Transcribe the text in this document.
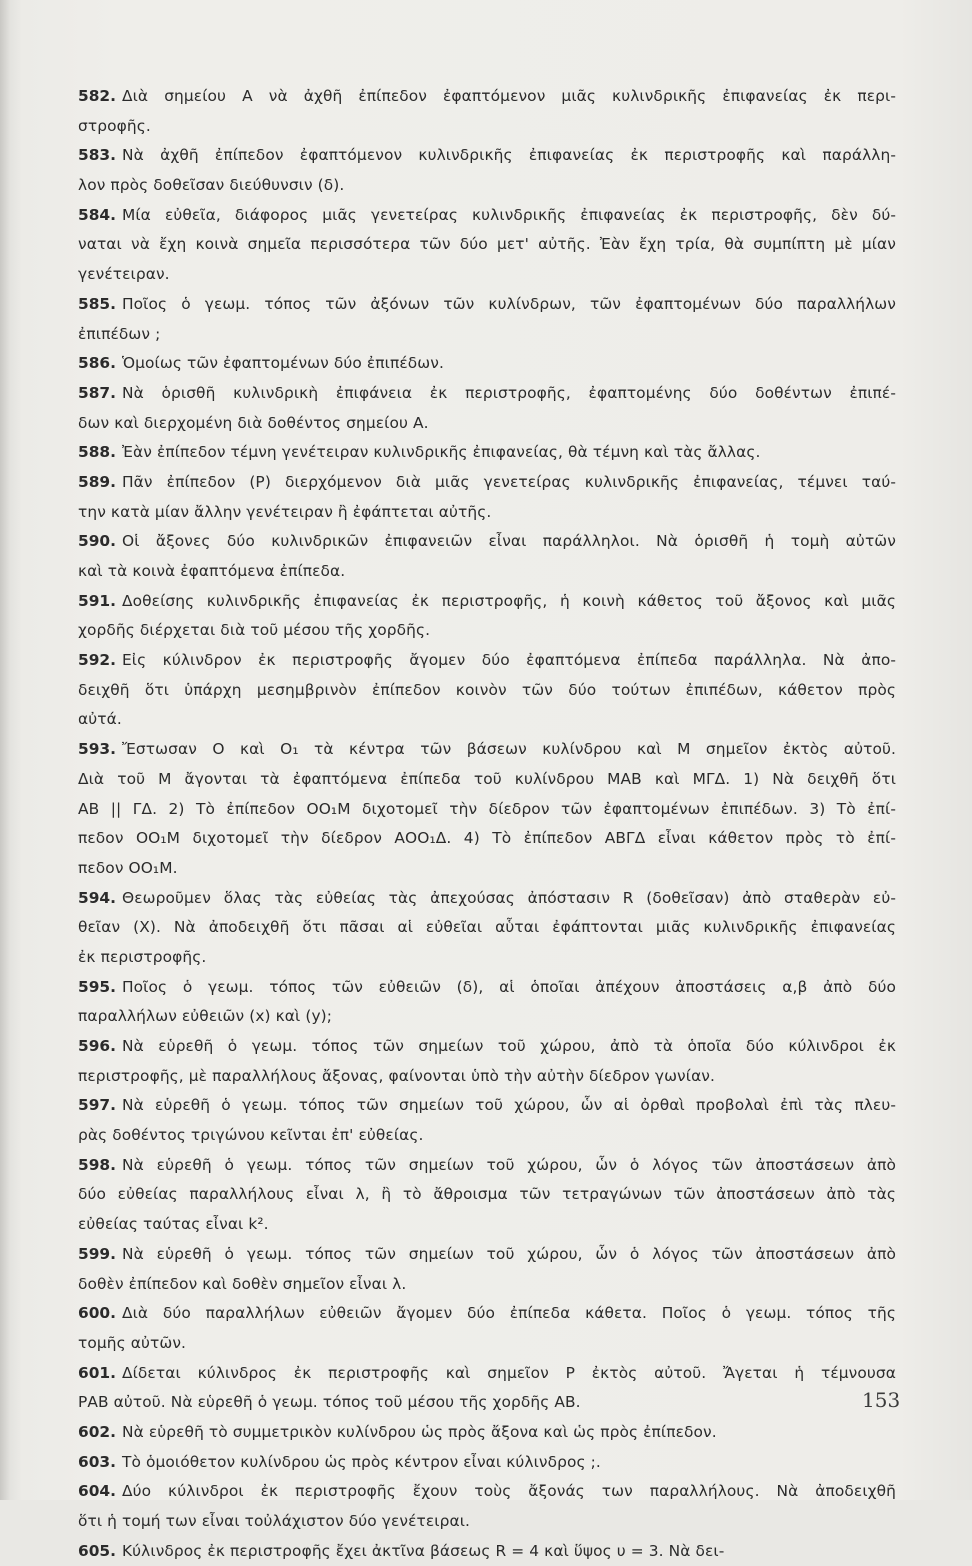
582. Διὰ σημείου Α νὰ ἀχθῆ ἐπίπεδον ἐφαπτόμενον μιᾶς κυλινδρικῆς ἐπιφανείας ἐκ περι-
στροφῆς.
583. Νὰ ἀχθῆ ἐπίπεδον ἐφαπτόμενον κυλινδρικῆς ἐπιφανείας ἐκ περιστροφῆς καὶ παράλλη-
λον πρὸς δοθεῖσαν διεύθυνσιν (δ).
584. Μία εὐθεῖα, διάφορος μιᾶς γενετείρας κυλινδρικῆς ἐπιφανείας ἐκ περιστροφῆς, δὲν δύ-
ναται νὰ ἔχη κοινὰ σημεῖα περισσότερα τῶν δύο μετ' αὐτῆς. Ἐὰν ἔχη τρία, θὰ συμπίπτη μὲ μίαν
γενέτειραν.
585. Ποῖος ὁ γεωμ. τόπος τῶν ἀξόνων τῶν κυλίνδρων, τῶν ἐφαπτομένων δύο παραλλήλων
ἐπιπέδων ;
586. Ὁμοίως τῶν ἐφαπτομένων δύο ἐπιπέδων.
587. Νὰ ὁρισθῆ κυλινδρικὴ ἐπιφάνεια ἐκ περιστροφῆς, ἐφαπτομένης δύο δοθέντων ἐπιπέ-
δων καὶ διερχομένη διὰ δοθέντος σημείου Α.
588. Ἐὰν ἐπίπεδον τέμνη γενέτειραν κυλινδρικῆς ἐπιφανείας, θὰ τέμνη καὶ τὰς ἄλλας.
589. Πᾶν ἐπίπεδον (Ρ) διερχόμενον διὰ μιᾶς γενετείρας κυλινδρικῆς ἐπιφανείας, τέμνει ταύ-
την κατὰ μίαν ἄλλην γενέτειραν ἢ ἐφάπτεται αὐτῆς.
590. Οἱ ἄξονες δύο κυλινδρικῶν ἐπιφανειῶν εἶναι παράλληλοι. Νὰ ὁρισθῆ ἡ τομὴ αὐτῶν
καὶ τὰ κοινὰ ἐφαπτόμενα ἐπίπεδα.
591. Δοθείσης κυλινδρικῆς ἐπιφανείας ἐκ περιστροφῆς, ἡ κοινὴ κάθετος τοῦ ἄξονος καὶ μιᾶς
χορδῆς διέρχεται διὰ τοῦ μέσου τῆς χορδῆς.
592. Εἰς κύλινδρον ἐκ περιστροφῆς ἄγομεν δύο ἐφαπτόμενα ἐπίπεδα παράλληλα. Νὰ ἀπο-
δειχθῆ ὅτι ὑπάρχη μεσημβρινὸν ἐπίπεδον κοινὸν τῶν δύο τούτων ἐπιπέδων, κάθετον πρὸς
αὐτά.
593. Ἔστωσαν Ο καὶ Ο₁ τὰ κέντρα τῶν βάσεων κυλίνδρου καὶ Μ σημεῖον ἐκτὸς αὐτοῦ.
Διὰ τοῦ Μ ἄγονται τὰ ἐφαπτόμενα ἐπίπεδα τοῦ κυλίνδρου ΜΑΒ καὶ ΜΓΔ. 1) Νὰ δειχθῆ ὅτι
ΑΒ || ΓΔ. 2) Τὸ ἐπίπεδον ΟΟ₁Μ διχοτομεῖ τὴν δίεδρον τῶν ἐφαπτομένων ἐπιπέδων. 3) Τὸ ἐπί-
πεδον ΟΟ₁Μ διχοτομεῖ τὴν δίεδρον ΑΟΟ₁Δ. 4) Τὸ ἐπίπεδον ΑΒΓΔ εἶναι κάθετον πρὸς τὸ ἐπί-
πεδον ΟΟ₁Μ.
594. Θεωροῦμεν ὅλας τὰς εὐθείας τὰς ἀπεχούσας ἀπόστασιν R (δοθεῖσαν) ἀπὸ σταθερὰν εὐ-
θεῖαν (Χ). Νὰ ἀποδειχθῆ ὅτι πᾶσαι αἱ εὐθεῖαι αὗται ἐφάπτονται μιᾶς κυλινδρικῆς ἐπιφανείας
ἐκ περιστροφῆς.
595. Ποῖος ὁ γεωμ. τόπος τῶν εὐθειῶν (δ), αἱ ὁποῖαι ἀπέχουν ἀποστάσεις α,β ἀπὸ δύο
παραλλήλων εὐθειῶν (x) καὶ (y);
596. Νὰ εὑρεθῆ ὁ γεωμ. τόπος τῶν σημείων τοῦ χώρου, ἀπὸ τὰ ὁποῖα δύο κύλινδροι ἐκ
περιστροφῆς, μὲ παραλλήλους ἄξονας, φαίνονται ὑπὸ τὴν αὐτὴν δίεδρον γωνίαν.
597. Νὰ εὑρεθῆ ὁ γεωμ. τόπος τῶν σημείων τοῦ χώρου, ὧν αἱ ὀρθαὶ προβολαὶ ἐπὶ τὰς πλευ-
ρὰς δοθέντος τριγώνου κεῖνται ἐπ' εὐθείας.
598. Νὰ εὑρεθῆ ὁ γεωμ. τόπος τῶν σημείων τοῦ χώρου, ὧν ὁ λόγος τῶν ἀποστάσεων ἀπὸ
δύο εὐθείας παραλλήλους εἶναι λ, ἢ τὸ ἄθροισμα τῶν τετραγώνων τῶν ἀποστάσεων ἀπὸ τὰς
εὐθείας ταύτας εἶναι k².
599. Νὰ εὑρεθῆ ὁ γεωμ. τόπος τῶν σημείων τοῦ χώρου, ὧν ὁ λόγος τῶν ἀποστάσεων ἀπὸ
δοθὲν ἐπίπεδον καὶ δοθὲν σημεῖον εἶναι λ.
600. Διὰ δύο παραλλήλων εὐθειῶν ἄγομεν δύο ἐπίπεδα κάθετα. Ποῖος ὁ γεωμ. τόπος τῆς
τομῆς αὐτῶν.
601. Δίδεται κύλινδρος ἐκ περιστροφῆς καὶ σημεῖον Ρ ἐκτὸς αὐτοῦ. Ἄγεται ἡ τέμνουσα
ΡΑΒ αὐτοῦ. Νὰ εὑρεθῆ ὁ γεωμ. τόπος τοῦ μέσου τῆς χορδῆς ΑΒ.
602. Νὰ εὑρεθῆ τὸ συμμετρικὸν κυλίνδρου ὡς πρὸς ἄξονα καὶ ὡς πρὸς ἐπίπεδον.
603. Τὸ ὁμοιόθετον κυλίνδρου ὡς πρὸς κέντρον εἶναι κύλινδρος ;.
604. Δύο κύλινδροι ἐκ περιστροφῆς ἔχουν τοὺς ἄξονάς των παραλλήλους. Νὰ ἀποδειχθῆ
ὅτι ἡ τομή των εἶναι τοὐλάχιστον δύο γενέτειραι.
605. Κύλινδρος ἐκ περιστροφῆς ἔχει ἀκτῖνα βάσεως R = 4 καὶ ὕψος υ = 3. Νὰ δει-
153
